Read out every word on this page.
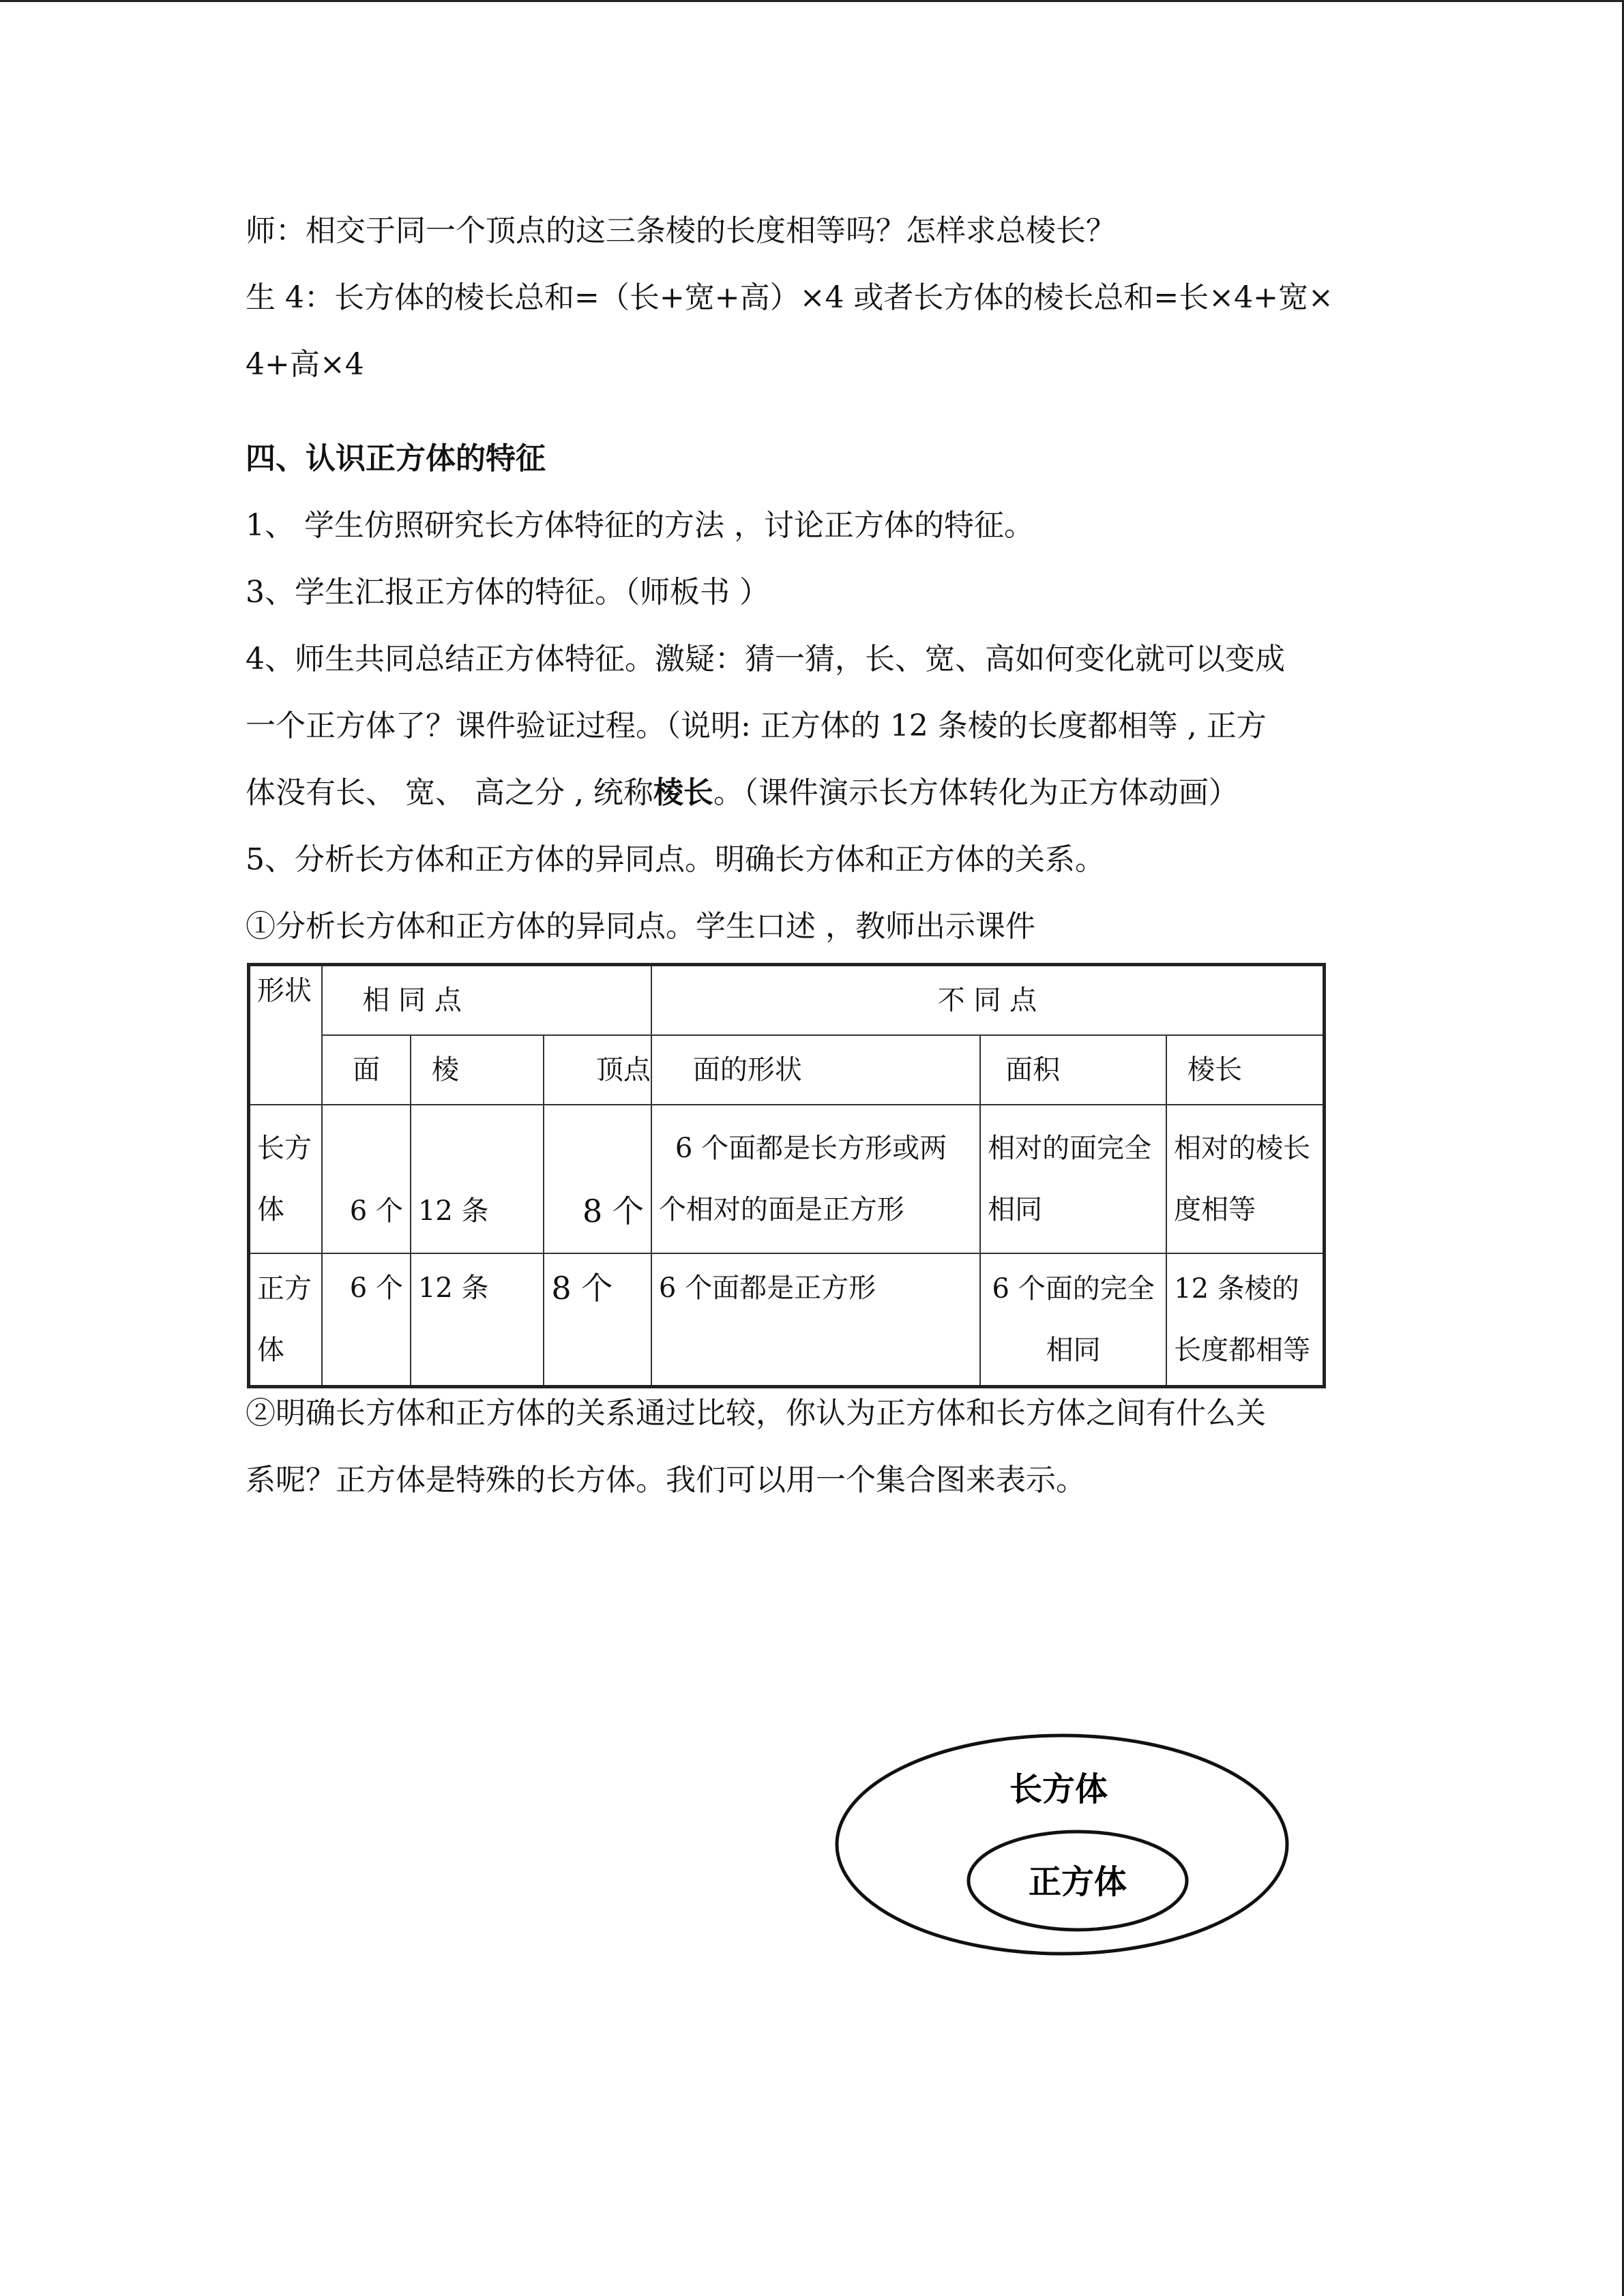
师：相交于同一个顶点的这三条棱的长度相等吗？怎样求总棱长？

生 4：长方体的棱长总和=（长+宽+高）×4 或者长方体的棱长总和=长×4+宽×

4+高×4

四、认识正方体的特征

1、 学生仿照研究长方体特征的方法 ，讨论正方体的特征。

3、学生汇报正方体的特征。（师板书 ）

4、师生共同总结正方体特征。激疑：猜一猜，长、宽、高如何变化就可以变成

一个正方体了？课件验证过程。（说明: 正方体的 12 条棱的长度都相等 , 正方

体没有长、 宽、 高之分 , 统称棱长。（课件演示长方体转化为正方体动画）

5、分析长方体和正方体的异同点。明确长方体和正方体的关系。

①分析长方体和正方体的异同点。学生口述 ，教师出示课件

形状	相 同 点			不 同 点		
	面	棱	顶点	面的形状	面积	棱长
长方体	6 个	12 条	8 个	6 个面都是长方形或两个相对的面是正方形	相对的面完全相同	相对的棱长度相等
正方体	6 个	12 条	8 个	6 个面都是正方形	6 个面的完全相同	12 条棱的长度都相等

②明确长方体和正方体的关系通过比较，你认为正方体和长方体之间有什么关

系呢？正方体是特殊的长方体。我们可以用一个集合图来表示。

长方体
正方体
